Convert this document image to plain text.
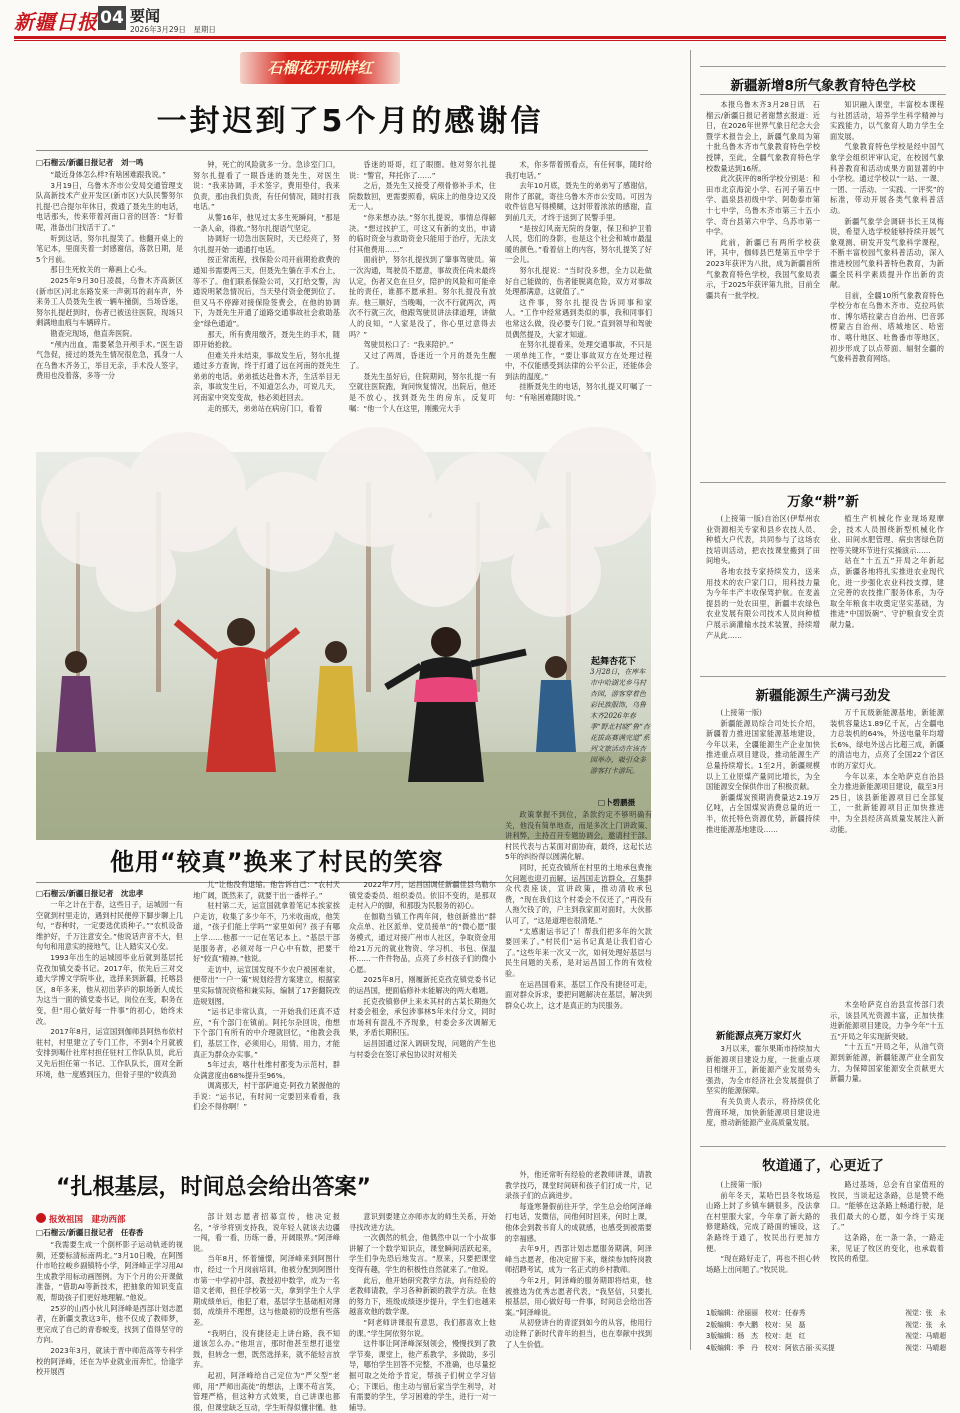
新疆日报 04 要闻
2026年3月29日　星期日
石榴花开别样红
一封迟到了5个月的感谢信
□石榴云/新疆日报记者　刘一鸣

“最近身体怎么样?有啥困难跟我说。”

3月19日，乌鲁木齐市公安局交通管理支队高新技术产业开发区(新市区)大队民警努尔扎提·巴合提尔年休日，拨通了聂先生的电话，电话那头，传来带着河南口音的回答：“好着呢，准备出门找活干了。”

听到这话，努尔扎提笑了。他翻开桌上的笔记本，里面夹着一封感谢信，落款日期，是5个月前。

那日生死攸关的一幕画上心头。

2025年9月30日凌晨，乌鲁木齐高新区(新市区)河北东路发来一声刺耳的刹车声，外来务工人员聂先生被一辆车撞倒，当场昏迷，努尔扎提赶到时，伤者已被送往医院，现场只剩满地血痕与车辆碎片。

勘查完现场，他直奔医院。

“颅内出血，需要紧急开颅手术。”医生语气急促，接过的聂先生情况很危急，孤身一人在乌鲁木齐务工，举目无亲，手术没人签字，费用也没着落，多等一分

钟，死亡的风险就多一分。急诊室门口，努尔扎提看了一眼昏迷的聂先生，对医生说：“我来协调，手术签字，费用垫付，我来负责，那由我们负责，有任何情况，随时打我电话。”

从警16年，他见过太多生死瞬间，“那是一条人命，得救。”努尔扎提语气坚定。

协调好一切急出医院时，天已经亮了，努尔扎提开始一通通打电话。

按正常流程，找保险公司开前期抢救费的通知书需要两三天，但聂先生躺在手术台上，等不了。他们联系保险公司，又打给交警，沟通说明紧急情况后，当天垫付资金便到位了。但又马不停蹄对接保险签费会，在他的协调下，为聂先生开通了道路交通事故社会救助基金“绿色通道”。

那天，所有费用缴齐，聂先生的手术，随即开始抢救。

但难关并未结束，事故发生后，努尔扎提通过多方查询，终于打通了远在河南的聂先生弟弟的电话。弟弟抵达赴鲁木齐，生活举目无亲，事故发生后，不知道怎么办，可说几天，河南家中突发变故，他必须赶回去。

走的那天，弟弟站在病房门口，看着

昏迷的哥哥，红了眼圈。他对努尔扎提说：“警官，拜托你了……”

之后，聂先生又接受了颅骨修补手术，住院数数回，更需要照看，病床上的他身边又没无一人。

“你来想办法。”努尔扎提说，事情总得解决。“想过找护工，可这又有新的支出，申请的临时资金与救助资金只能用于治疗，无法支付其他费用……”

面前护，努尔扎提找到了肇事驾驶员。第一次沟通，驾驶员不愿意，事故责任尚未最终认定，伤者又危在旦夕，陪护的风险和可能牵扯的责任，谁都不愿承担。努尔扎提没有放弃。他三顺好，当晚喝，一次不行就两次，两次不行就三次，他跟驾驶员讲法律道理，讲做人的良知，“人家是没了，你心里过意得去吗？”

驾驶员松口了：“我来陪护。”

又过了两周，昏迷近一个月的聂先生醒了。

聂先生虽好后，住院期间，努尔扎提一有空就往医院跑，询问恢复情况，出院后，他还是不放心，找到聂先生的房东，反复叮嘱：“他一个人在这里，刚搬完大手

术，你多帮着照看点，有任何事，随时给我打电话。”

去年10月底，聂先生的弟弟写了感谢信，附作了郎就，寄往乌鲁木齐市公安局。可因为收件信息写得模糊，这封带着浓浓的感谢，直到前几天，才终于送到了民警手里。

“是按幻风南无院的身躯，保卫和护卫着人民，您们的身影，也是这个社会和城市最温暖的颜色。”看着信上的内容，努尔扎提笑了好一会儿。

努尔扎提说：“当时没多想，全力以赴做好自己能做的，伤者能脱离危险，双方对事故处理都满意，这就值了。”

这件事，努尔扎提没告诉同事和家人。“工作中经常遇到类似的事，我和同事们也常这么做，没必要专门说。”直到领导和驾驶员偶然提及，大家才知道。

在努尔扎提看来，处理交通事故，不只是一项单纯工作，“要让事故双方在处理过程中，不仅能感受到法律的公平公正，还能体会到法的温度。”

挂断聂先生的电话，努尔扎提又叮嘱了一句：“有啥困难随时说。”

起舞杏花下
3月28日，在库车市中哈湖光乡马村杏园，游客穿着色彩民族服饰，乌鲁木齐2026年春季“野北村晓”鲁“杏花拔高赛满完道”系列文旅活动在该杏园举办，吸引众多游客打卡游玩。
□卜碧鹏摄
他用“较真”换来了村民的笑容
□石榴云/新疆日报记者　沈忠孝

一年之计在于春，这些日子，运城园一有空就到村里走访，遇到村民便停下脚步聊上几句，“春种时，一定要选优质种子。”“农机设备维护好，千万注意安全。”他说话声音不大，但句句和用意实的接地气，让人踏实又心安。

1993年出生的运城园毕业后就到基层托克孜加镇交委书记。2017年，依先后三对交通大学博文学院毕业，选择来到新疆，托喀县区，8年多来，他从初出茅庐的职场新人成长为这当一面的镇党委书记，岗位在变，职务在变，但“用心做好每一件事”的初心，始终未改。

2017年8月，运宣国到伽师县阿热布依村驻村，村里建立了专门工作，不到4个月就被安排到喝什社库村担任驻村工作队队员，此后又先后担任第一书记、工作队队长，面对全新环境，他一度感到压力，但骨子里的“较真劲

儿”让他没有退缩。他告诉自己：“农村天地广阔，既然来了，就要干出一番样子。”

驻村第二天，运宣国就拿着笔记本挨家挨户走访，收集了多少年不，乃米收南成，他笑道，“孩子们能上学吗”“家里如何？孩子有哪上学……他都一一记在笔记本上。“基层干部是服务者，必须对每一户心中有数，把要干好“较真”精神。”他说。

走访中，运宣国发现不少农户被困难贫，便带出“一户一策”规划经营方案建立，根据家里实际情况资格和兼实际，编制了17套翻院改造规划图。

“运书记非常认真，一开始我们还真不适应，“有个部门在镇前。阿托尔杂回说，他想下个部门有所有的中介理就回忆，“他教会我们，基层工作，必须用心，用情、用力，才能真正为群众办实事。”

5年过去，喀什杜维村都变为示范村，群众满意度由68%提升至96%。

调离那天，村干部萨迪克·阿孜力紧握他的手说：“运书记，有时间一定要回来看看，我们会不得你啊！”

2022年7月，运昌国调任新疆佳县乌勒尔镇党委委员、组织委员。依旧不变的，是那双走村入户的脚，和那股为民服务的初心。

在伽勒当镇工作两年间，他创新推出“群众点单、社区派单、党员接单”的“微心愿”服务模式，通过对接广州市人社区，争取资金用给21万元的就业物资、学习机、书包、保温杯……一件件物品，点亮了乡村孩子们的微小心愿。

2025年8月，刚履新托克孜克镇党委书记的运昌国，便面临修补未能解决的两大难题。

托克孜镇修伊上来未其村的古某长期拖欠村委会租金，承包涉事林5年未付分文，同时市场利有混乱不齐现象，村委会多次调解无果，矛盾长期积压。

运昌国通过深入调研发现，问题的产生也与村委会在签订承包协议时对相关

政策掌握不到位，条款约定不够明确有关，他没有简单地查，而是多次上门讲政策、讲利弊，主持召开专题协调会，邀请村干部、村民代表与古某面对面协商，最终，这起长达5年的纠纷得以圆满化解。

同时，托克孜镇所在村里的土地承包费拖欠问题也迎刃而解，运昌国走访群众，召集群众代表座谈，宣讲政策，推动清收承包费，“现在我们这个村委会不仅还了，”再没有人拖欠钱了的，户主到我家面对面时，大伙都认可了，“这是道理也很清楚。”

“太感谢运书记了！帮我们把多年的欠款要回来了。”村民们“运书记真是让我们省心了。”这些年来一次又一次，如何处理好基层与民生问题的关系，是对运昌国工作的有效检验。

在运昌国看来，基层工作没有捷径可走，面对群众诉求，要把问题解决在基层，解决到群众心坎上，这才是真正的为民服务。

“扎根基层，时间总会给出答案”
报效祖国　建功西部
□石榴云/新疆日报记者　任春香

“我需要生成一个倒杯影子运动轨迹的视频，还要标清标南两北。”3月10日晚，在阿图什市哈拉峻乡副镇特小学，阿泽峰正学习用AI生成教学用标动画图例。为下个月的公开课做准备，“借助AI等新技术，把抽象的知识变直观，帮助孩子们更好地理解。”他说。

25岁的山西小伙儿阿泽峰是西部计划志愿者，在新疆支教这3年，他不仅成了教师梦，更完成了自己的青春蜕变，找到了值得坚守的方向。

2023年3月，就读于晋中师范高等专科学校的阿泽峰，还在为毕业就业而奔忙，恰逢学校开展西

部计划志愿者招募宣传，他决定报名，“爷爷将别支持我，说年轻人就该去边疆一闯，看一看，历练一番，开阔眼界。”阿泽峰说。

当年8月，怀着憧憬，阿泽峰来到阿图什市，经过一个月岗前培训，他被分配到阿图什市第一中学初中部，教授初中数学，成为一名语文老师，担任学校第一天，拿到学生个人学期成绩单后，他犯了难，基层学生基础相对薄弱，成绩并不理想，这与他最初的设想有些落差。

“我明白，没有捷径走上讲台路，我不知道该怎么办。”他坦言，那时他甚至想打退堂鼓，但转念一想，既然选择来，就不能轻言放弃。

起初，阿泽峰给自己定位为“严父型”老师，用“严师出高徒”的想法，上课不苟言笑，管理严格，但这种方式效果，自己讲课也都很，但课堂缺乏互动，学生听得似懂非懂。他

意识到要建立亦师亦友的师生关系，开始寻找改进方法。

一次偶然的机会，他偶然中以一个小故事讲解了一个数学知识点，课堂瞬间活跃起来，学生们争先恐后地发言。“原来，只要把课堂变得有趣，学生的积极性自然就来了。”他说。

此后，他开始研究教学方法，向有经验的老教师请教，学习各种新颖的教学方法。在他的努力下，班级成绩逐步提升，学生们也越来越喜欢他的数学课。

“阿老师讲课很有意思，我们都喜欢上他的课。”学生阿依努尔说。

这件事让阿泽峰深刻领会，慢慢找到了教学节奏，课堂上，他产系教学，多做助，多引导，哪怕学生回答不完整，不准确，也尽量挖掘可取之处给予肯定，帮孩子们树立学习信心；下课后，他主动与留后家当学生利导，对有需要的学生，学习困难的学生，进行一对一辅导。

外，他还常听有经验的老教师讲课，请教教学技巧，课堂时间研和孩子们打成一片，记录孩子们的点滴进步。

每逢寒暑假前往开学，学生总会给阿泽峰打电话，发微信，问他何时回来，何时上课，他体会到教书育人的成就感，也感受到被需要的幸福感。

去年9月，西部计划志愿服务期满，阿泽峰当志愿者，他决定留下来，继续参加特岗教师招聘考试，成为一名正式的乡村教师。

今年2月，阿泽峰的服务期即将结束，他被推选为优秀志愿者代表，“我坚信，只要扎根基层，用心做好每一件事，时间总会给出答案。”阿泽峰说。

从初登讲台的青涩到如今的从容，他用行动诠释了新时代青年的担当，也在奉献中找到了人生价值。

新疆新增8所气象教育特色学校

本报乌鲁木齐3月28日讯　石榴云/新疆日报记者谢慧玄报道：近日，在2026年世界气象日纪念大会暨学术报告会上，新疆气象局为第十批乌鲁木齐市气象教育特色学校授牌，至此，全疆气象教育特色学校数量达到16所。

此次获评的8所学校分别是：和田市北京海淀小学、石河子第五中学、温泉县初级中学、阿勒泰市第十七中学，乌鲁木齐市第三十五小学、奇台县第六中学、乌苏市第一中学。

此前，新疆已有两所学校获评，其中，伽师县巴楚第五中学于2023年获评为八批，成为新疆首所气象教育特色学校，我国气象局表示，于2025年获评第九批，目前全疆共有一批学校。

知识融入课堂，丰富校本课程与社团活动，培养学生科学精神与实践能力，以气象育人助力学生全面发展。

气象教育特色学校是经中国气象学会组织评审认定，在校园气象科普教育和活动成果方面显著的中小学校。通过学校以“一站、一课、一团、一活动、一实践、一评奖”的标准，带动开展各类气象科普活动。

新疆气象学会调研书长王凤梅说，希望入选学校能够持续开展气象观测、研发开发气象科学课程，不断丰富校园气象科普活动，深入推进校园气象科普特色教育，为新疆全民科学素质提升作出新的贡献。

目前，全疆10所气象教育特色学校分布在乌鲁木齐市、克拉玛依市、博尔塔拉蒙古自治州、巴音郭楞蒙古自治州、塔城地区、哈密市、喀什地区、吐鲁番市等地区，初步形成了以点带面、辐射全疆的气象科普教育网络。

万象“耕”新

(上接第一版)自治区(伊犁州农业资源相关专家和县乡农技人员、种植大户代表，共同参与了这场农技培训活动，把农技课堂搬到了田间地头。

各地农技专家持续发力，送来用技术的农户家门口，用科技力量为今年丰产丰收保驾护航。在麦盖提县的一处农田里，新疆丰农绿色农业发展有限公司技术人员向种植户展示滴灌输水技术装置，持续增产从此……

植生产机械化作业现场观摩会，技术人员围绕新型机械化作业、田间水肥管理、病虫害绿色防控等关键环节进行实操演示……

站在“十五五”开局之年新起点，新疆各地将扎实推进农业现代化，进一步强化农业科技支撑，建立完善的农技推广服务体系，为夺取全年粮食丰收奠定坚实基础，为推进“中国饭碗”、守护粮食安全贡献力量。

新疆能源生产满弓劲发

(上接第一版)

新疆能源局综合司处长介绍，新疆着力推进国家能源基地建设，今年以来，全疆能源生产企业加快推进重点项目建设，推动能源生产总量持续增长。1至2月，新疆规模以上工业原煤产量同比增长，为全国能源安全保供作出了积极贡献。

新疆煤炭预期消费量达2.19万亿吨，占全国煤炭消费总量的近一半，依托特色资源优势，新疆持续推进能源基地建设……

万千瓦级新能源基地，新能源装机容量达1.89亿千瓦，占全疆电力总装机的64%，外送电量年均增长6%，绿电外送占比超三成，新疆的清洁电力，点亮了全国22个省区市的万家灯火。

今年以来，本全哈萨克自治县全力推进新能源项目建设，截至3月25日，该县新能源项目已全部复工，一批新能源项目正加快推进中，为全县经济高质量发展注入新动能。

新能源点亮万家灯火

3月以来，霍尔果斯市持续加大新能源项目建设力度，一批重点项目相继开工，新能源产业发展势头强劲，为全市经济社会发展提供了坚实的能源保障。

有关负责人表示，将持续优化营商环境，加快新能源项目建设进度，推动新能源产业高质量发展。

木垒哈萨克自治县宣传部门表示，该县风光资源丰富，正加快推进新能源项目建设，力争今年“十五五”开局之年实现新突破。

“十五五”开局之年，从油气资源到新能源，新疆能源产业全面发力，为保障国家能源安全贡献更大新疆力量。

牧道通了，心更近了

(上接第一版)

前年冬天，某哈巴县冬牧场巡山路上封了乡镇车辆很多，没法拿在村里服大家，今年拿了新大路的修建路线，完成了路面的铺设，这条路终于通了，牧民出行更加方便。

“现在路好走了，再也不担心转场路上出问题了。”牧民说。

路过基场，总会有自家值班的牧民，当谈起这条路，总是赞不绝口。“能够在这条路上畅通行驶，是我们最大的心愿，如今终于实现了。”

这条路，在一条一条，一路走来，见证了牧区的变化，也承载着牧民的希望。

1版编辑：徐丽丽　校对：任春秀	视觉：张　永
2版编辑：李大鹏　校对：吴　磊	视觉：张　永
3版编辑：杨　杰　校对：赵　红	视觉：马晴超
4版编辑：季　丹　校对：阿依古丽·买买提	视觉：马晴超
